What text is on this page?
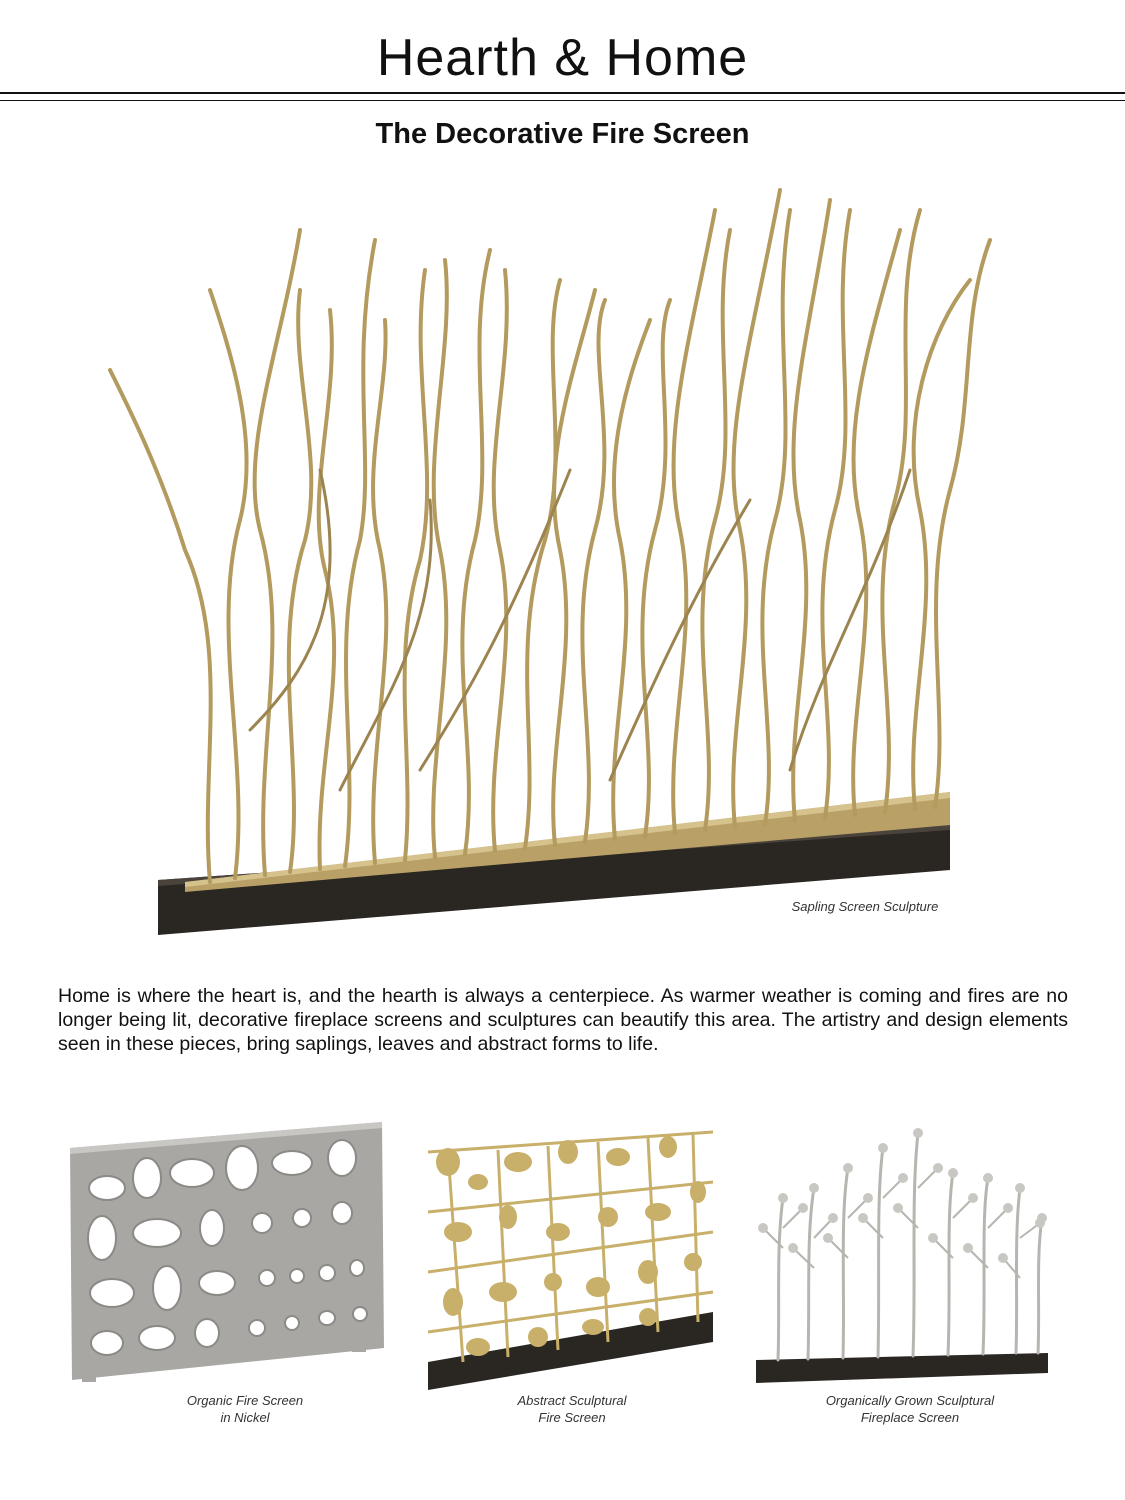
Hearth & Home
The Decorative Fire Screen
Sapling Screen Sculpture
Home is where the heart is, and the hearth is always a centerpiece. As warmer weather is coming and fires are no longer being lit, decorative fireplace screens and sculptures can beautify this area. The artistry and design elements seen in these pieces, bring saplings, leaves and abstract forms to life.
Organic Fire Screen
in Nickel
Abstract Sculptural
Fire Screen
Organically Grown Sculptural
Fireplace Screen
